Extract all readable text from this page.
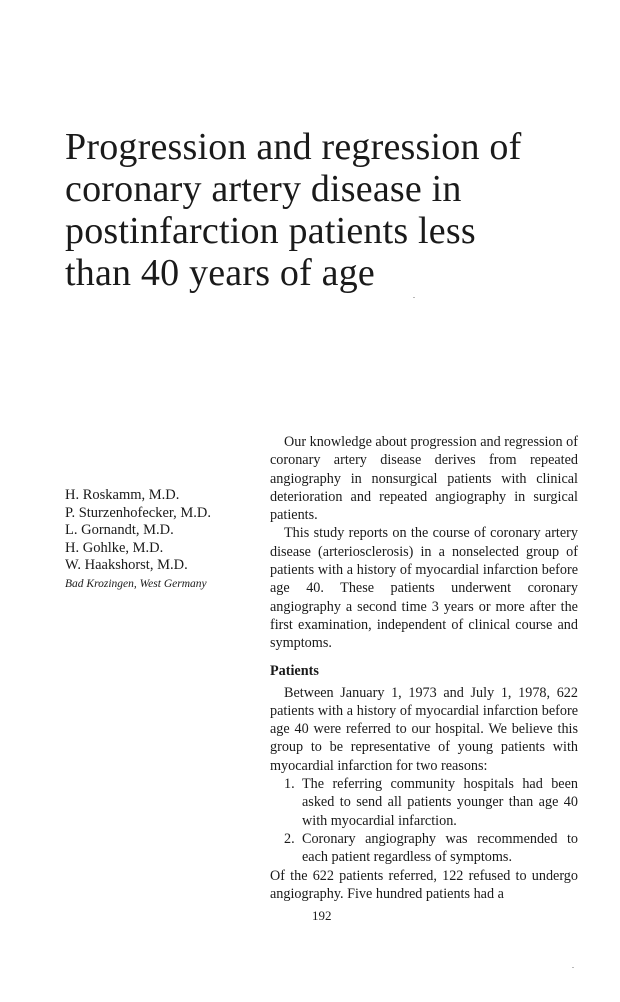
Progression and regression of
coronary artery disease in
postinfarction patients less
than 40 years of age
H. Roskamm, M.D.
P. Sturzenhofecker, M.D.
L. Gornandt, M.D.
H. Gohlke, M.D.
W. Haakshorst, M.D.
Bad Krozingen, West Germany

Our knowledge about progression and regression of coronary artery disease derives from repeated angiography in nonsurgical patients with clinical deterioration and repeated angiography in surgical patients.

This study reports on the course of coronary artery disease (arteriosclerosis) in a nonselected group of patients with a history of myocardial infarction before age 40. These patients underwent coronary angiography a second time 3 years or more after the first examination, independent of clinical course and symptoms.

Patients

Between January 1, 1973 and July 1, 1978, 622 patients with a history of myocardial infarction before age 40 were referred to our hospital. We believe this group to be representative of young patients with myocardial infarction for two reasons:

1. The referring community hospitals had been asked to send all patients younger than age 40 with myocardial infarction.
2. Coronary angiography was recommended to each patient regardless of symptoms.

Of the 622 patients referred, 122 refused to undergo angiography. Five hundred patients had a

192
